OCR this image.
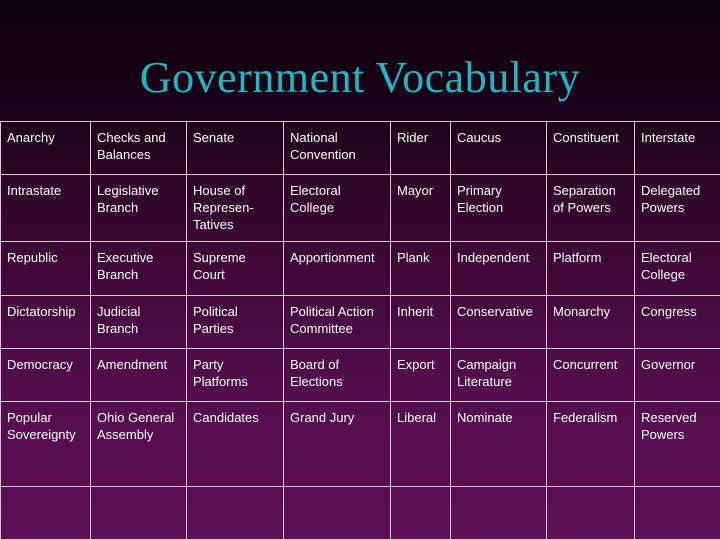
Government Vocabulary
Anarchy	Checks and Balances	Senate	National Convention	Rider	Caucus	Constituent	Interstate
Intrastate	Legislative Branch	House of Represen- Tatives	Electoral College	Mayor	Primary Election	Separation of Powers	Delegated Powers
Republic	Executive Branch	Supreme Court	Apportionment	Plank	Independent	Platform	Electoral College
Dictatorship	Judicial Branch	Political Parties	Political Action Committee	Inherit	Conservative	Monarchy	Congress
Democracy	Amendment	Party Platforms	Board of Elections	Export	Campaign Literature	Concurrent	Governor
Popular Sovereignty	Ohio General Assembly	Candidates	Grand Jury	Liberal	Nominate	Federalism	Reserved Powers
